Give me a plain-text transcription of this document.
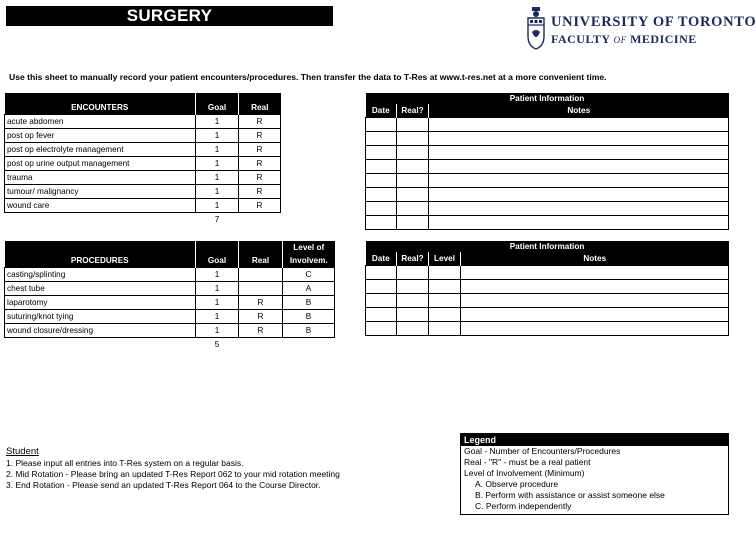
SURGERY	UNIVERSITY OF TORONTO
FACULTY OF MEDICINE
Use this sheet to manually record your patient encounters/procedures. Then transfer the data to T-Res at www.t-res.net at a more convenient time.

ENCOUNTERS	Goal	Real
acute abdomen	1	R
post op fever	1	R
post op electrolyte management	1	R
post op urine output management	1	R
trauma	1	R
tumour/ malignancy	1	R
wound care	1	R
	7	
Patient Information		
Date	Real?	Notes

			Level of
PROCEDURES	Goal	Real	Involvem.
casting/splinting	1		C
chest tube	1		A
laparotomy	1	R	B
suturing/knot tying	1	R	B
wound closure/dressing	1	R	B
	5		
Patient Information			
Date	Real?	Level	Notes

Student
1. Please input all entries into T-Res system on a regular basis.
2. Mid Rotation - Please bring an updated T-Res Report 062 to your mid rotation meeting
3. End Rotation - Please send an updated T-Res Report 064 to the Course Director.
Legend
Goal - Number of Encounters/Procedures
Real - "R" - must be a real patient
Level of Involvement (Minimum)
A. Observe procedure
B. Perform with assistance or assist someone else
C. Perform independently
